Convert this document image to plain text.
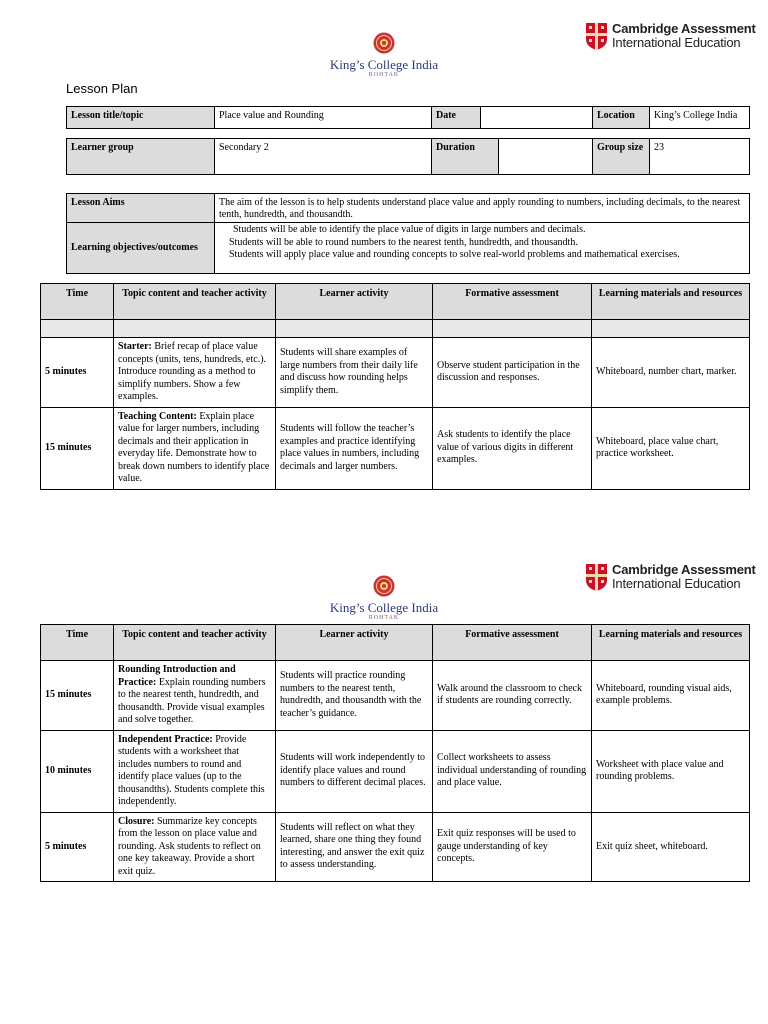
Cambridge Assessment
International Education
King’s College India
ROHTAK
Lesson Plan
Lesson title/topic	Place value and Rounding	Date		Location	King’s College India
Learner group	Secondary 2	Duration		Group size	23
Lesson Aims	The aim of the lesson is to help students understand place value and apply rounding to numbers, including decimals, to the nearest tenth, hundredth, and thousandth.
Learning objectives/outcomes	Students will be able to identify the place value of digits in large numbers and decimals.
Students will be able to round numbers to the nearest tenth, hundredth, and thousandth.
Students will apply place value and rounding concepts to solve real-world problems and mathematical exercises.
Time	Topic content and teacher activity	Learner activity	Formative assessment	Learning materials and resources

5 minutes	Starter: Brief recap of place value concepts (units, tens, hundreds, etc.). Introduce rounding as a method to simplify numbers. Show a few examples.	Students will share examples of large numbers from their daily life and discuss how rounding helps simplify them.	Observe student participation in the discussion and responses.	Whiteboard, number chart, marker.
15 minutes	Teaching Content: Explain place value for larger numbers, including decimals and their application in everyday life. Demonstrate how to break down numbers to identify place value.	Students will follow the teacher’s examples and practice identifying place values in numbers, including decimals and larger numbers.	Ask students to identify the place value of various digits in different examples.	Whiteboard, place value chart, practice worksheet.
Cambridge Assessment
International Education
King’s College India
ROHTAK
Time	Topic content and teacher activity	Learner activity	Formative assessment	Learning materials and resources
15 minutes	Rounding Introduction and Practice: Explain rounding numbers to the nearest tenth, hundredth, and thousandth. Provide visual examples and solve together.	Students will practice rounding numbers to the nearest tenth, hundredth, and thousandth with the teacher’s guidance.	Walk around the classroom to check if students are rounding correctly.	Whiteboard, rounding visual aids, example problems.
10 minutes	Independent Practice: Provide students with a worksheet that includes numbers to round and identify place values (up to the thousandths). Students complete this independently.	Students will work independently to identify place values and round numbers to different decimal places.	Collect worksheets to assess individual understanding of rounding and place value.	Worksheet with place value and rounding problems.
5 minutes	Closure: Summarize key concepts from the lesson on place value and rounding. Ask students to reflect on one key takeaway. Provide a short exit quiz.	Students will reflect on what they learned, share one thing they found interesting, and answer the exit quiz to assess understanding.	Exit quiz responses will be used to gauge understanding of key concepts.	Exit quiz sheet, whiteboard.
